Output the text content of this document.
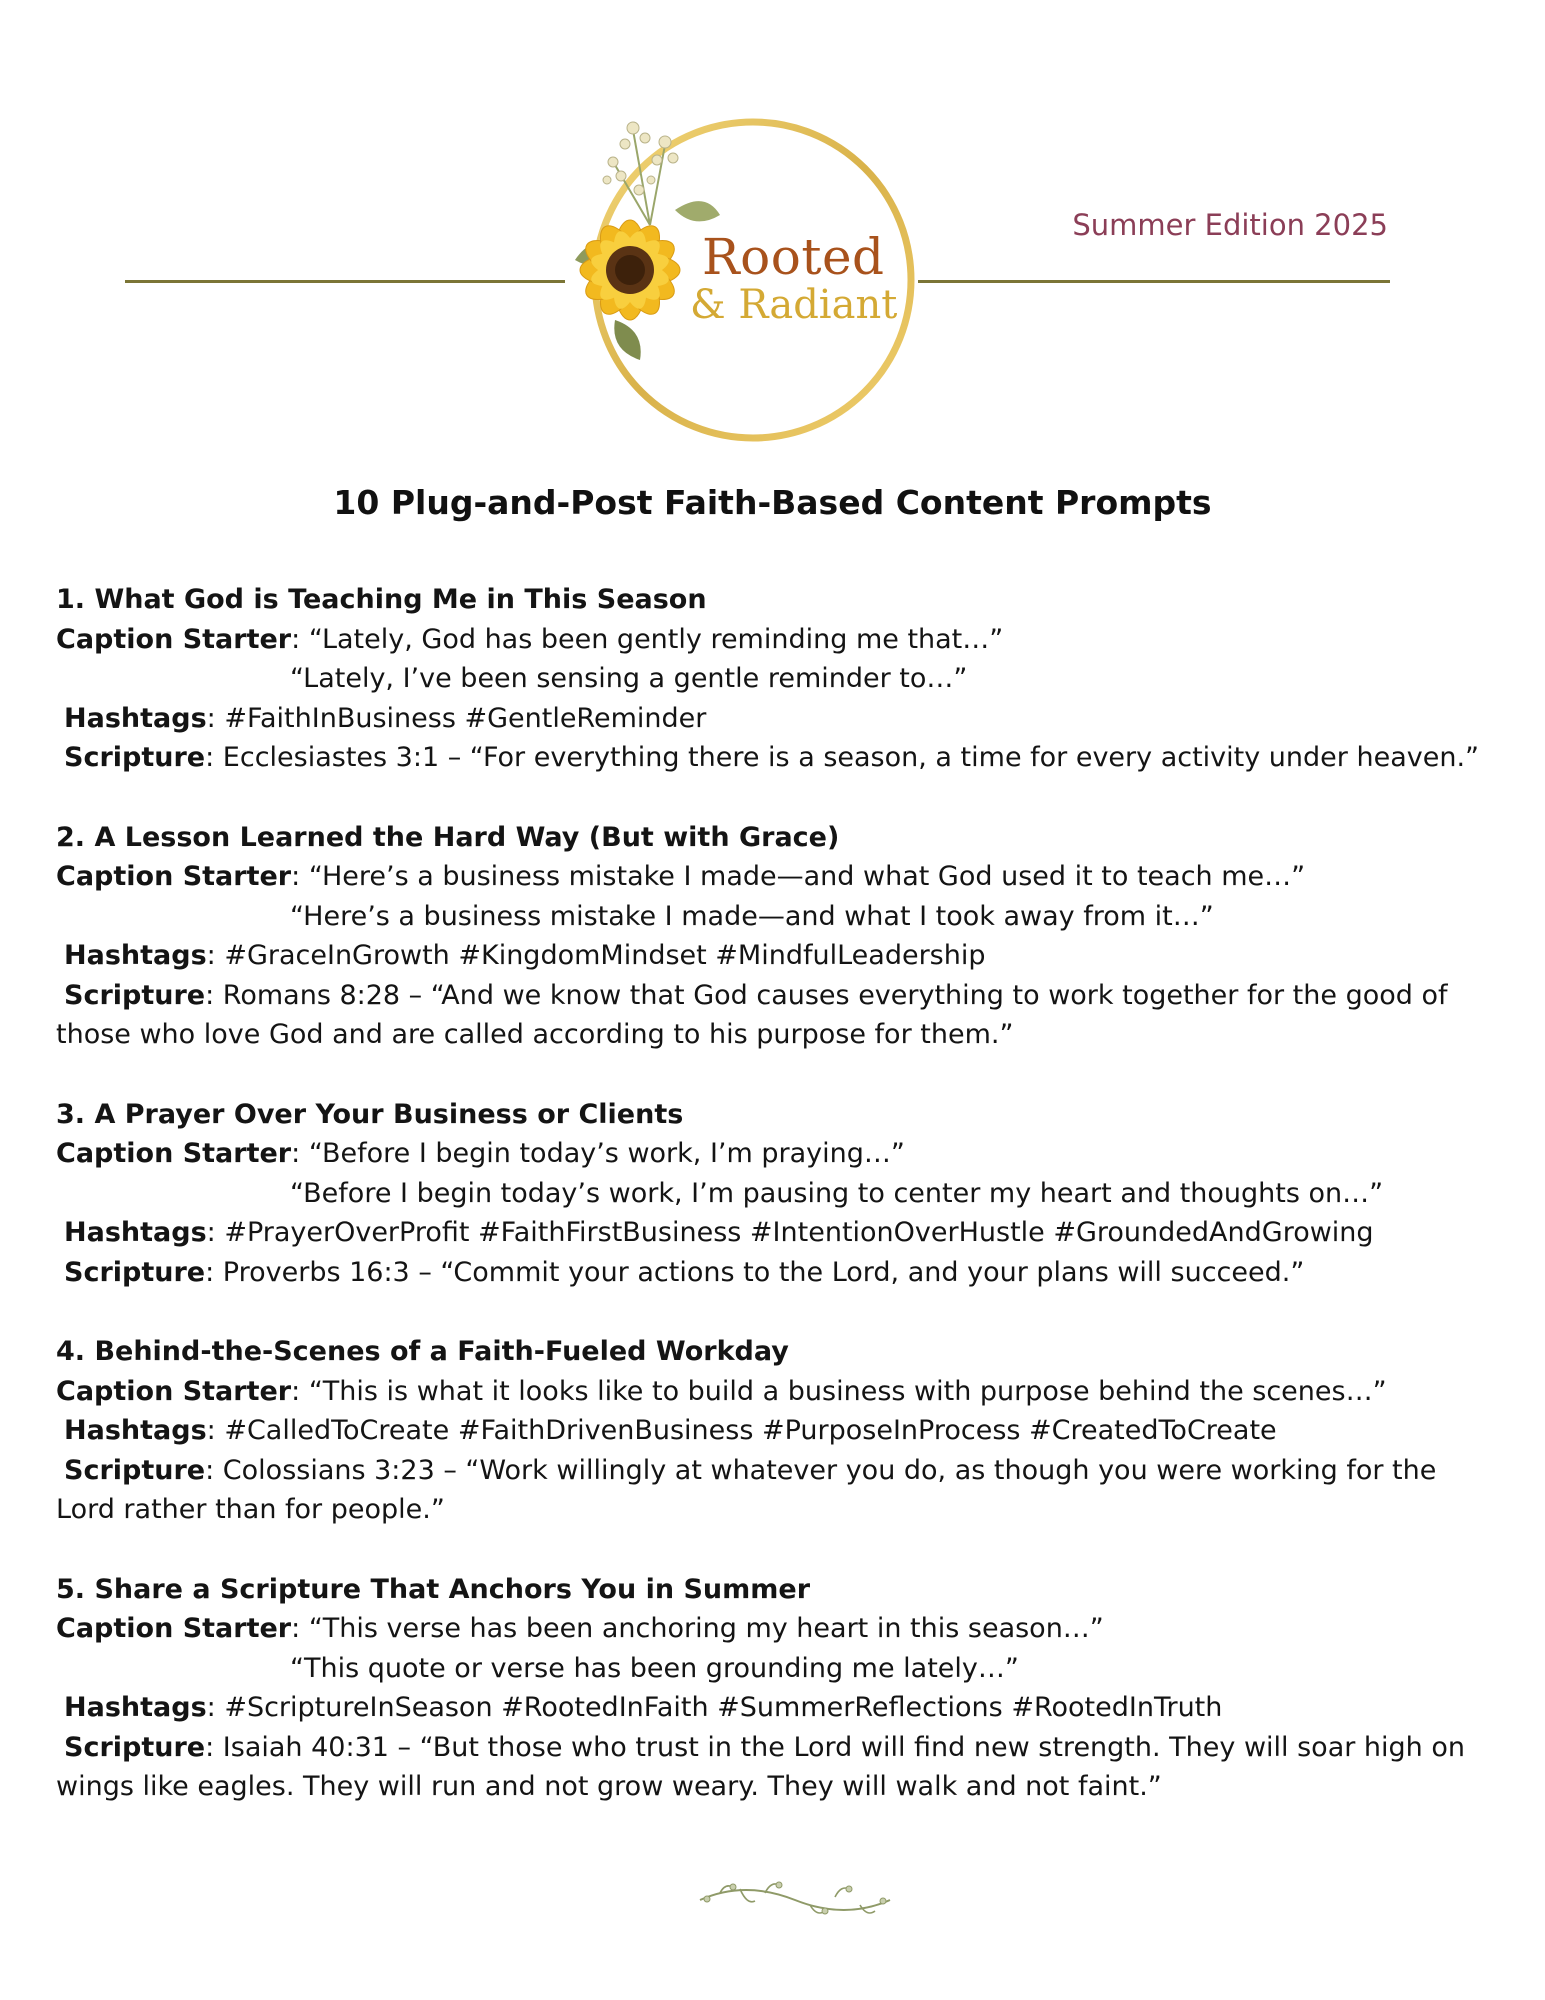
Rooted
& Radiant
Summer Edition 2025
10 Plug-and-Post Faith-Based Content Prompts
1. What God is Teaching Me in This Season
Caption Starter: “Lately, God has been gently reminding me that…”
“Lately, I’ve been sensing a gentle reminder to…”
Hashtags: #FaithInBusiness #GentleReminder
Scripture: Ecclesiastes 3:1 – “For everything there is a season, a time for every activity under heaven.”
2. A Lesson Learned the Hard Way (But with Grace)
Caption Starter: “Here’s a business mistake I made—and what God used it to teach me…”
“Here’s a business mistake I made—and what I took away from it…”
Hashtags: #GraceInGrowth #KingdomMindset #MindfulLeadership
Scripture: Romans 8:28 – “And we know that God causes everything to work together for the good of those who love God and are called according to his purpose for them.”
3. A Prayer Over Your Business or Clients
Caption Starter: “Before I begin today’s work, I’m praying…”
“Before I begin today’s work, I’m pausing to center my heart and thoughts on…”
Hashtags: #PrayerOverProfit #FaithFirstBusiness #IntentionOverHustle #GroundedAndGrowing
Scripture: Proverbs 16:3 – “Commit your actions to the Lord, and your plans will succeed.”
4. Behind-the-Scenes of a Faith-Fueled Workday
Caption Starter: “This is what it looks like to build a business with purpose behind the scenes…”
Hashtags: #CalledToCreate #FaithDrivenBusiness #PurposeInProcess #CreatedToCreate
Scripture: Colossians 3:23 – “Work willingly at whatever you do, as though you were working for the Lord rather than for people.”
5. Share a Scripture That Anchors You in Summer
Caption Starter: “This verse has been anchoring my heart in this season…”
“This quote or verse has been grounding me lately…”
Hashtags: #ScriptureInSeason #RootedInFaith #SummerReflections #RootedInTruth
Scripture: Isaiah 40:31 – “But those who trust in the Lord will find new strength. They will soar high on wings like eagles. They will run and not grow weary. They will walk and not faint.”
